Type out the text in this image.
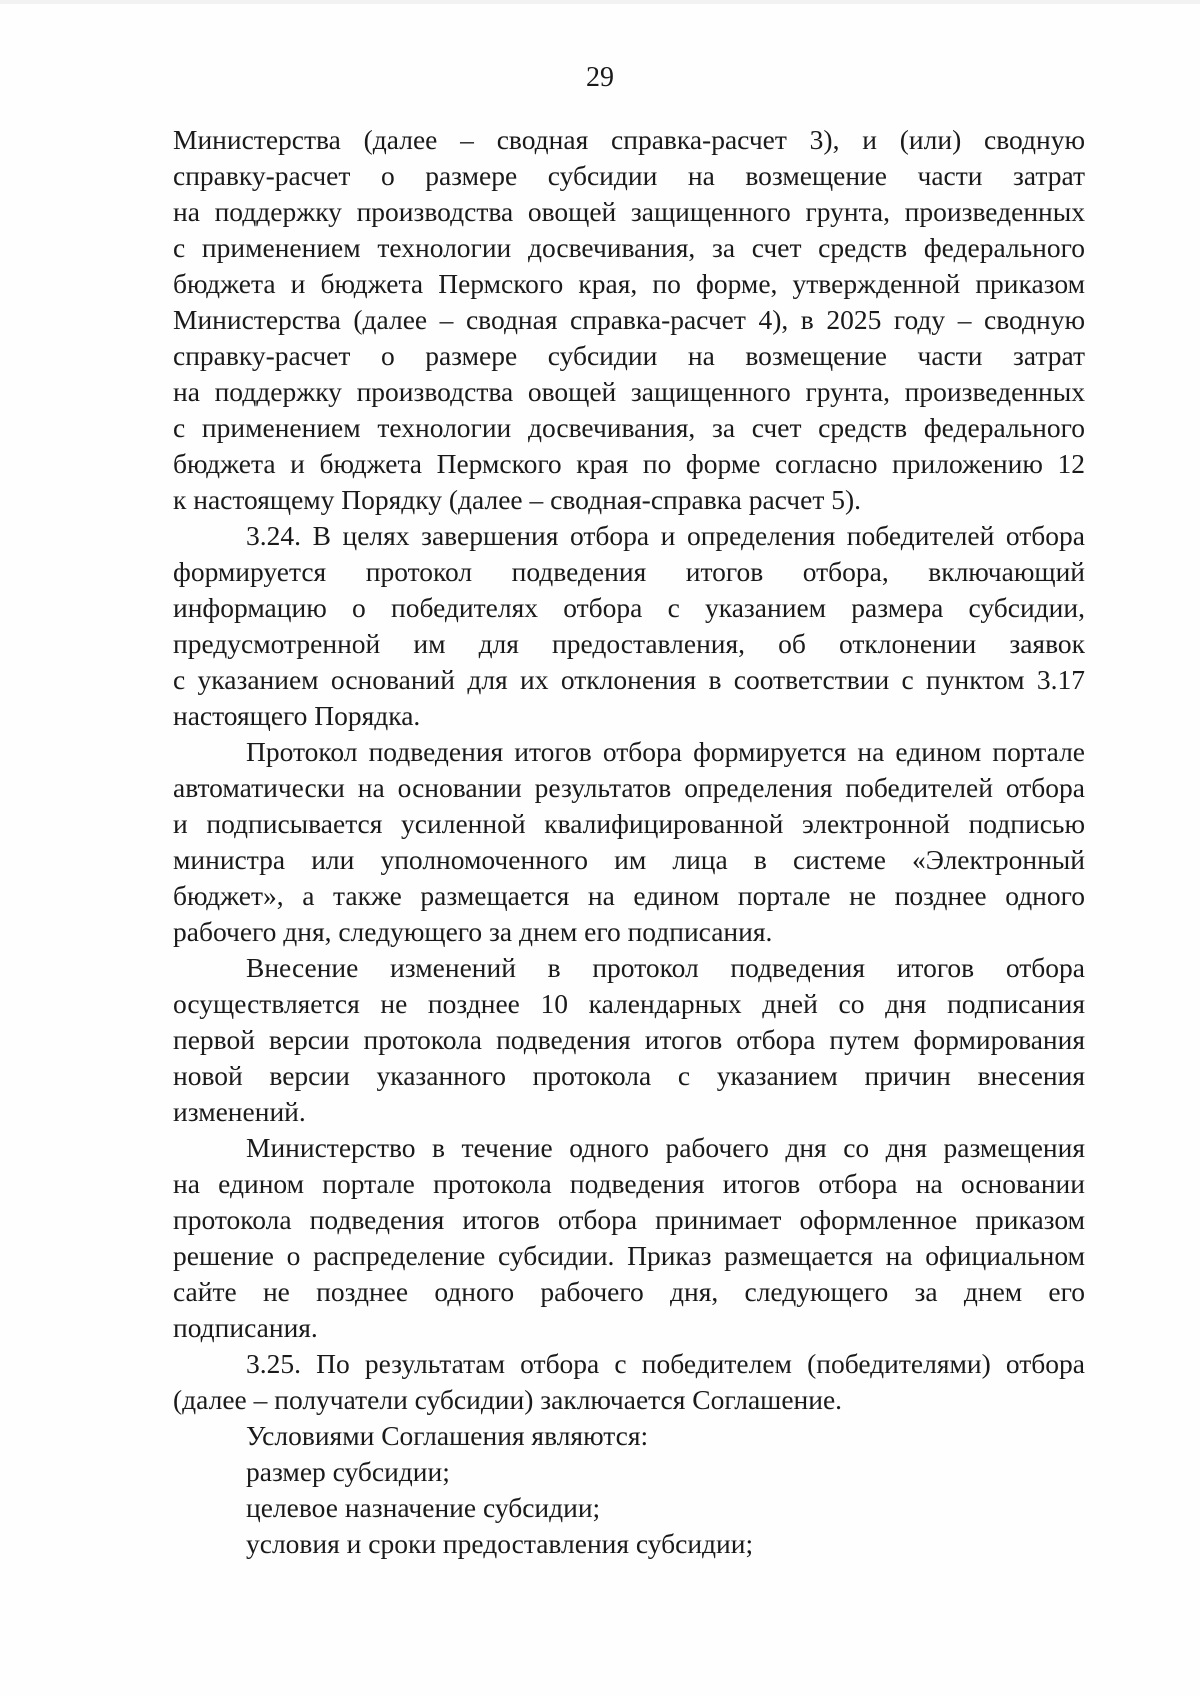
29

Министерства (далее – сводная справка-расчет 3), и (или) сводную
справку-расчет о размере субсидии на возмещение части затрат
на поддержку производства овощей защищенного грунта, произведенных
с применением технологии досвечивания, за счет средств федерального
бюджета и бюджета Пермского края, по форме, утвержденной приказом
Министерства (далее – сводная справка-расчет 4), в 2025 году – сводную
справку-расчет о размере субсидии на возмещение части затрат
на поддержку производства овощей защищенного грунта, произведенных
с применением технологии досвечивания, за счет средств федерального
бюджета и бюджета Пермского края по форме согласно приложению 12
к настоящему Порядку (далее – сводная-справка расчет 5).

3.24. В целях завершения отбора и определения победителей отбора
формируется протокол подведения итогов отбора, включающий
информацию о победителях отбора с указанием размера субсидии,
предусмотренной им для предоставления, об отклонении заявок
с указанием оснований для их отклонения в соответствии с пунктом 3.17
настоящего Порядка.

Протокол подведения итогов отбора формируется на едином портале
автоматически на основании результатов определения победителей отбора
и подписывается усиленной квалифицированной электронной подписью
министра или уполномоченного им лица в системе «Электронный
бюджет», а также размещается на едином портале не позднее одного
рабочего дня, следующего за днем его подписания.

Внесение изменений в протокол подведения итогов отбора
осуществляется не позднее 10 календарных дней со дня подписания
первой версии протокола подведения итогов отбора путем формирования
новой версии указанного протокола с указанием причин внесения
изменений.

Министерство в течение одного рабочего дня со дня размещения
на едином портале протокола подведения итогов отбора на основании
протокола подведения итогов отбора принимает оформленное приказом
решение о распределение субсидии. Приказ размещается на официальном
сайте не позднее одного рабочего дня, следующего за днем его
подписания.

3.25. По результатам отбора с победителем (победителями) отбора
(далее – получатели субсидии) заключается Соглашение.

Условиями Соглашения являются:

размер субсидии;

целевое назначение субсидии;

условия и сроки предоставления субсидии;
